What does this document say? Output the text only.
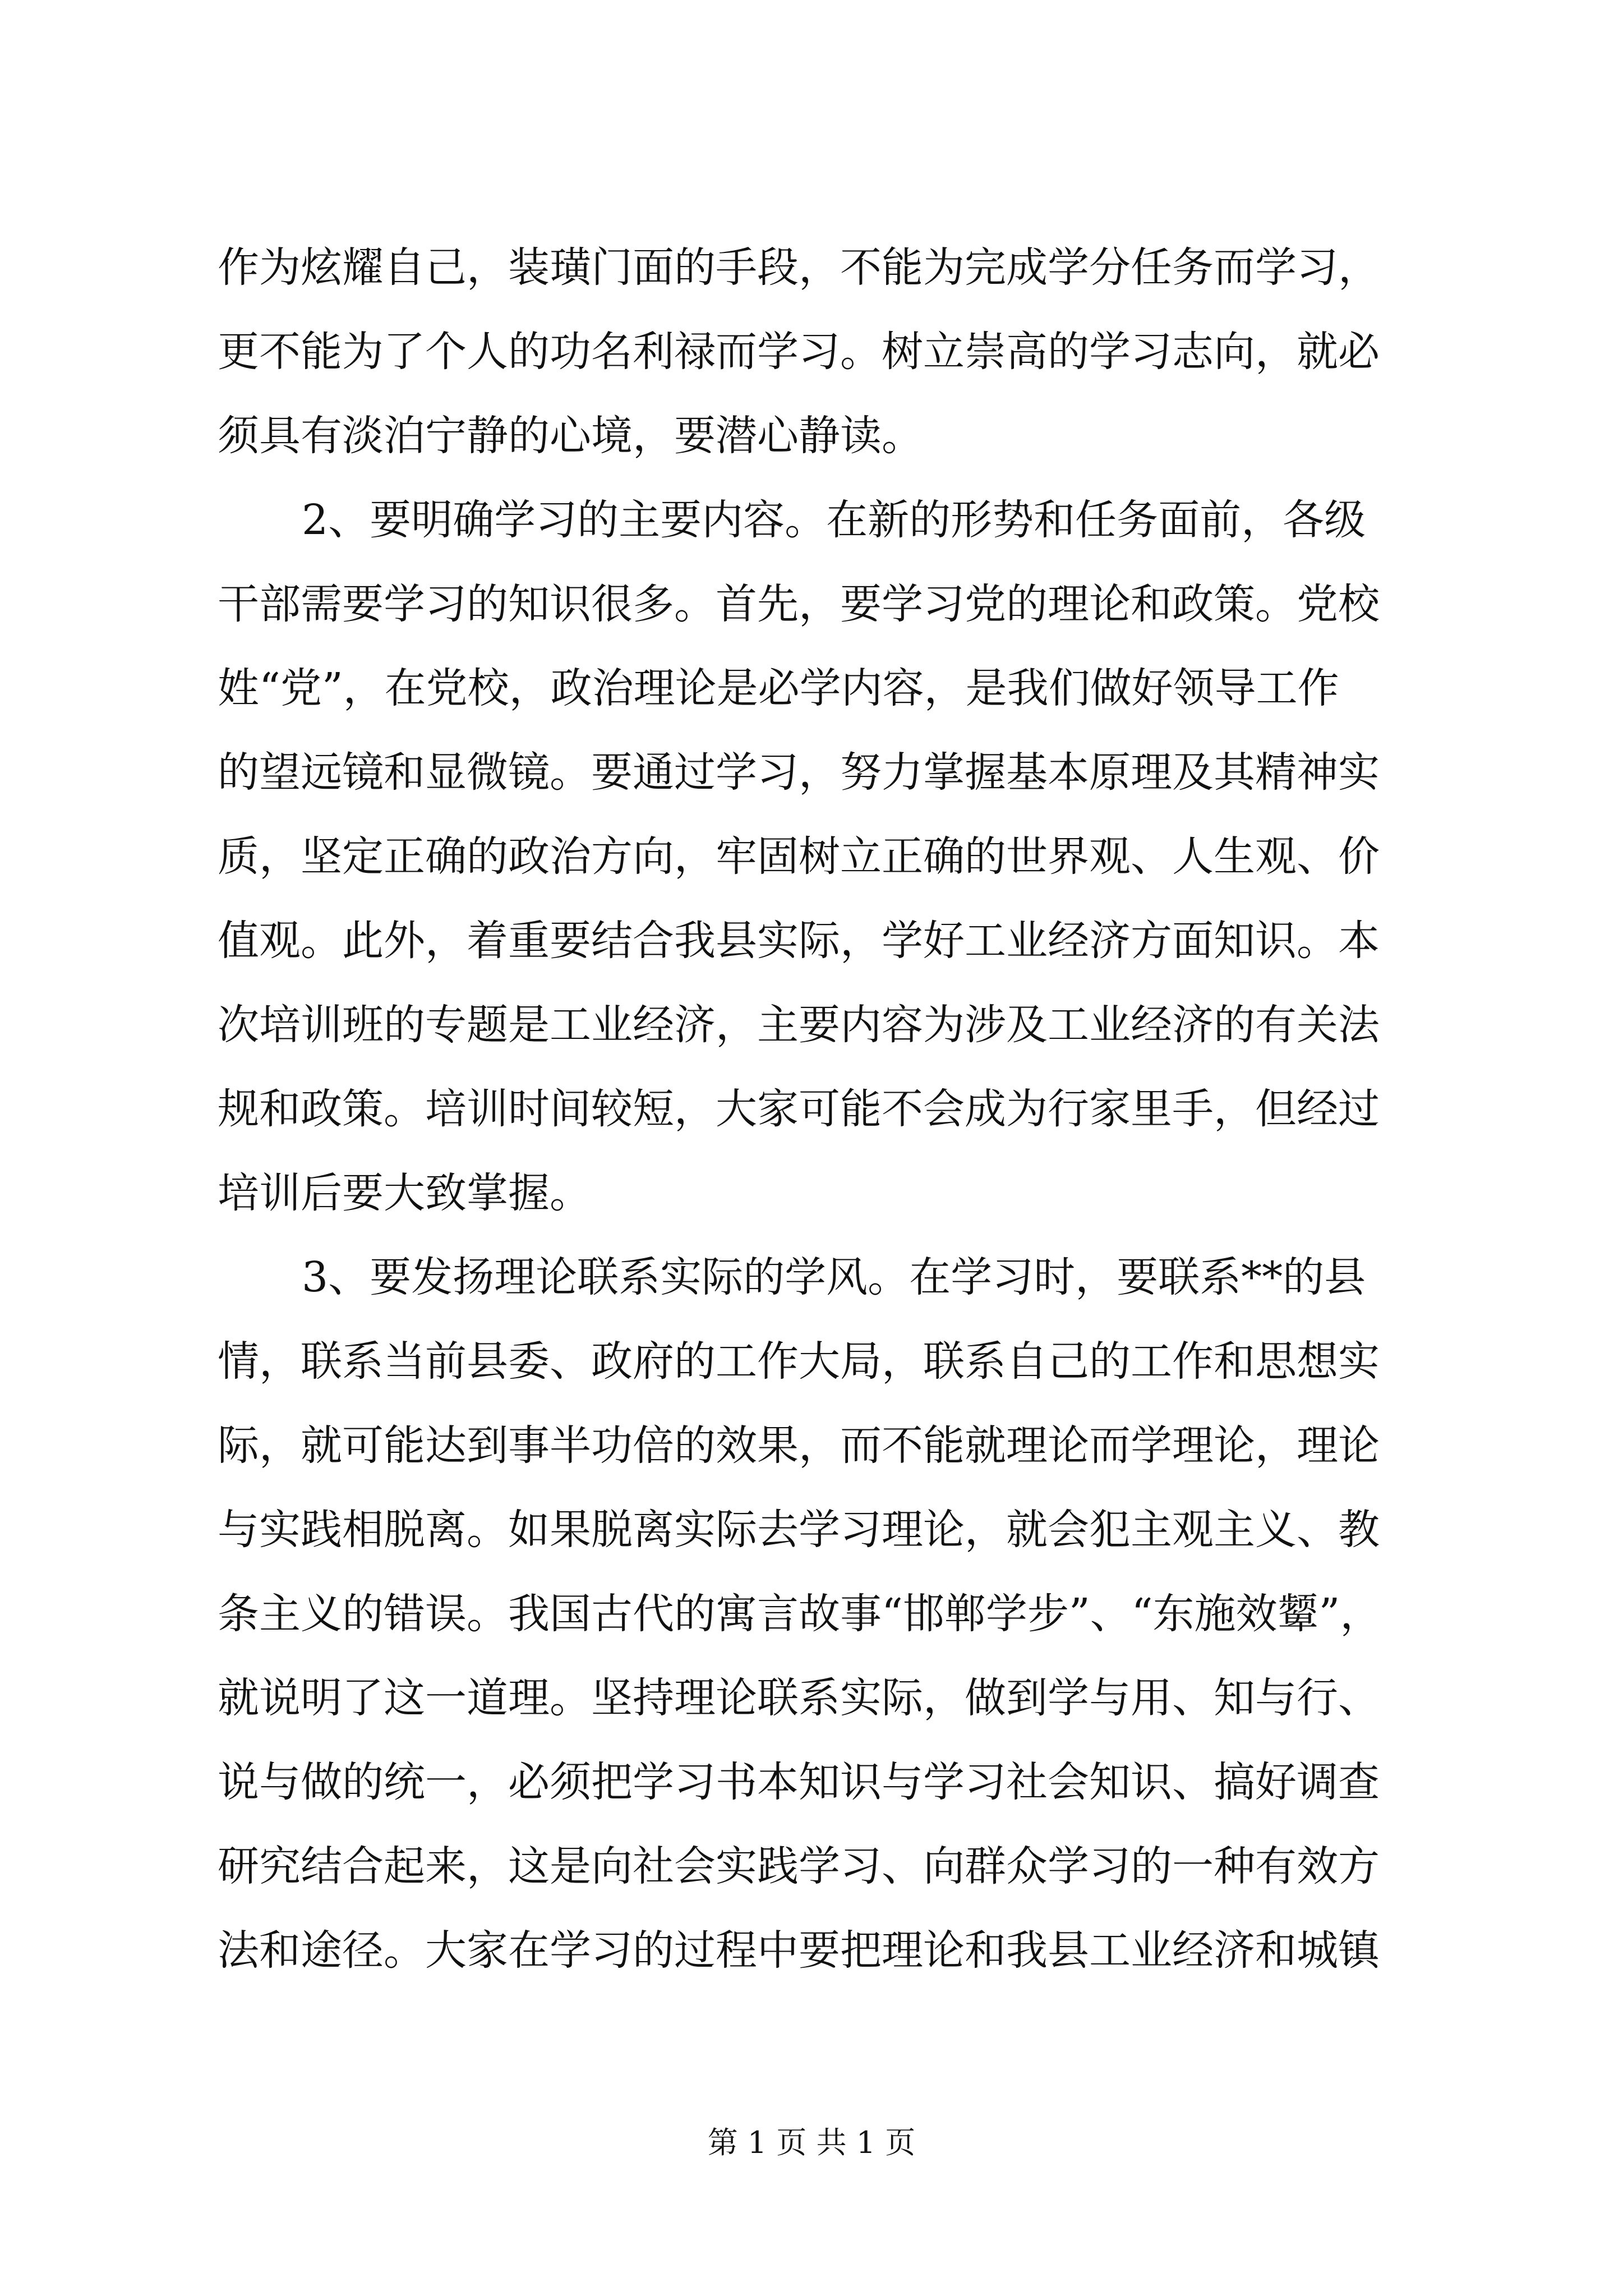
作为炫耀自己，装璜门面的手段，不能为完成学分任务而学习，
更不能为了个人的功名利禄而学习。树立崇高的学习志向，就必
须具有淡泊宁静的心境，要潜心静读。
2、要明确学习的主要内容。在新的形势和任务面前，各级
干部需要学习的知识很多。首先，要学习党的理论和政策。党校
姓“党”，在党校，政治理论是必学内容，是我们做好领导工作
的望远镜和显微镜。要通过学习，努力掌握基本原理及其精神实
质，坚定正确的政治方向，牢固树立正确的世界观、人生观、价
值观。此外，着重要结合我县实际，学好工业经济方面知识。本
次培训班的专题是工业经济，主要内容为涉及工业经济的有关法
规和政策。培训时间较短，大家可能不会成为行家里手，但经过
培训后要大致掌握。
3、要发扬理论联系实际的学风。在学习时，要联系**的县
情，联系当前县委、政府的工作大局，联系自己的工作和思想实
际，就可能达到事半功倍的效果，而不能就理论而学理论，理论
与实践相脱离。如果脱离实际去学习理论，就会犯主观主义、教
条主义的错误。我国古代的寓言故事“邯郸学步”、“东施效颦”，
就说明了这一道理。坚持理论联系实际，做到学与用、知与行、
说与做的统一，必须把学习书本知识与学习社会知识、搞好调查
研究结合起来，这是向社会实践学习、向群众学习的一种有效方
法和途径。大家在学习的过程中要把理论和我县工业经济和城镇
第 1 页 共 1 页
